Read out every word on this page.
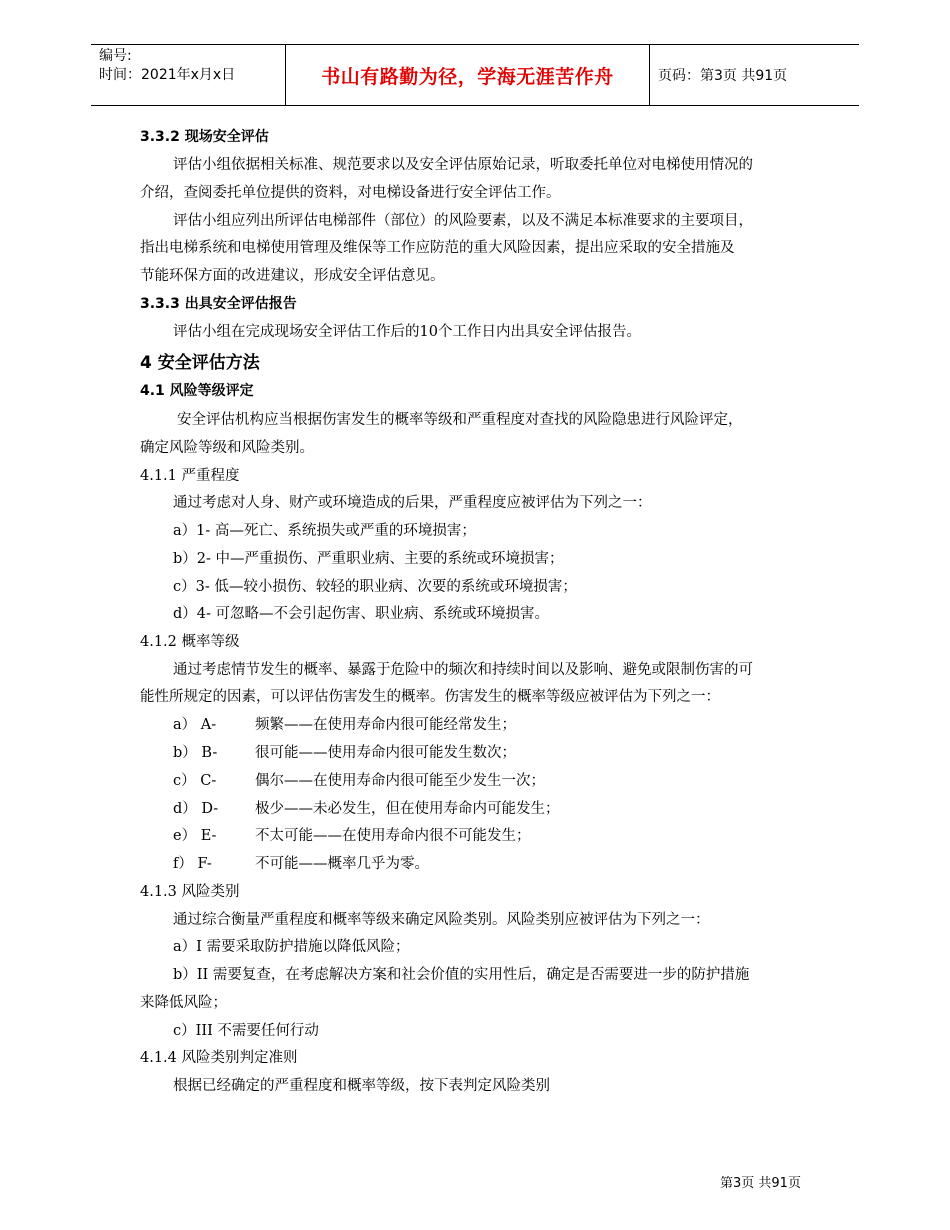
编号:
时间：2021年x月x日	书山有路勤为径，学海无涯苦作舟	页码：第3页 共91页
3.3.2 现场安全评估
评估小组依据相关标准、规范要求以及安全评估原始记录，听取委托单位对电梯使用情况的
介绍，查阅委托单位提供的资料，对电梯设备进行安全评估工作。
评估小组应列出所评估电梯部件（部位）的风险要素，以及不满足本标准要求的主要项目，
指出电梯系统和电梯使用管理及维保等工作应防范的重大风险因素，提出应采取的安全措施及
节能环保方面的改进建议，形成安全评估意见。
3.3.3 出具安全评估报告
评估小组在完成现场安全评估工作后的10个工作日内出具安全评估报告。
4 安全评估方法
4.1 风险等级评定
安全评估机构应当根据伤害发生的概率等级和严重程度对查找的风险隐患进行风险评定，
确定风险等级和风险类别。
4.1.1 严重程度
通过考虑对人身、财产或环境造成的后果，严重程度应被评估为下列之一：
a）1- 高—死亡、系统损失或严重的环境损害；
b）2- 中—严重损伤、严重职业病、主要的系统或环境损害；
c）3- 低—较小损伤、较轻的职业病、次要的系统或环境损害；
d）4- 可忽略—不会引起伤害、职业病、系统或环境损害。
4.1.2 概率等级
通过考虑情节发生的概率、暴露于危险中的频次和持续时间以及影响、避免或限制伤害的可
能性所规定的因素，可以评估伤害发生的概率。伤害发生的概率等级应被评估为下列之一：
a） A-	频繁——在使用寿命内很可能经常发生；
b） B-	很可能——使用寿命内很可能发生数次；
c） C-	偶尔——在使用寿命内很可能至少发生一次；
d） D-	极少——未必发生，但在使用寿命内可能发生；
e） E-	不太可能——在使用寿命内很不可能发生；
f） F-	不可能——概率几乎为零。
4.1.3 风险类别
通过综合衡量严重程度和概率等级来确定风险类别。风险类别应被评估为下列之一：
a）I 需要采取防护措施以降低风险；
b）II 需要复查，在考虑解决方案和社会价值的实用性后，确定是否需要进一步的防护措施
来降低风险；
c）III 不需要任何行动
4.1.4 风险类别判定准则
根据已经确定的严重程度和概率等级，按下表判定风险类别
第3页 共91页
